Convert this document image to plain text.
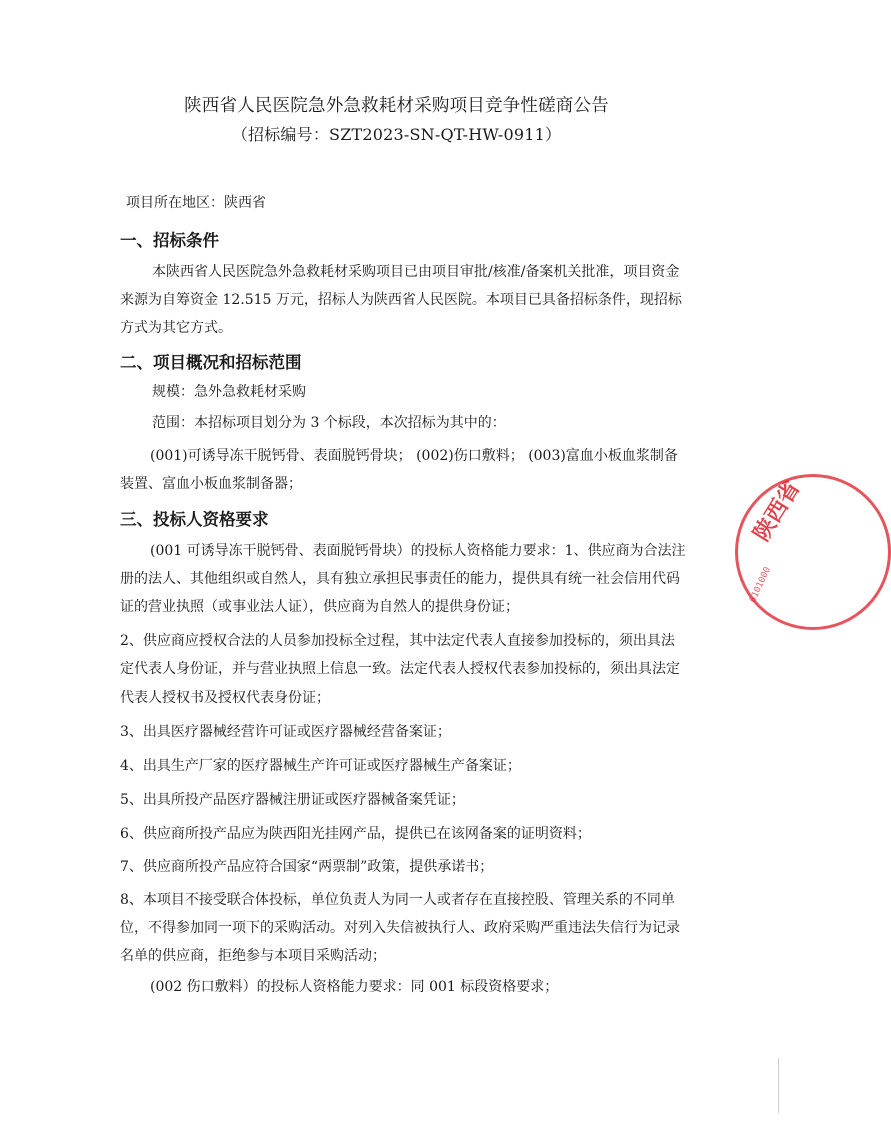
陕西省人民医院急外急救耗材采购项目竞争性磋商公告
（招标编号：SZT2023-SN-QT-HW-0911）
项目所在地区：陕西省
一、招标条件
本陕西省人民医院急外急救耗材采购项目已由项目审批/核准/备案机关批准，项目资金
来源为自筹资金 12.515 万元，招标人为陕西省人民医院。本项目已具备招标条件，现招标
方式为其它方式。
二、项目概况和招标范围
规模：急外急救耗材采购
范围：本招标项目划分为 3 个标段，本次招标为其中的：
(001)可诱导冻干脱钙骨、表面脱钙骨块； (002)伤口敷料； (003)富血小板血浆制备
装置、富血小板血浆制备器；
三、投标人资格要求
(001 可诱导冻干脱钙骨、表面脱钙骨块）的投标人资格能力要求：1、供应商为合法注
册的法人、其他组织或自然人，具有独立承担民事责任的能力，提供具有统一社会信用代码
证的营业执照（或事业法人证），供应商为自然人的提供身份证；
2、供应商应授权合法的人员参加投标全过程，其中法定代表人直接参加投标的，须出具法
定代表人身份证，并与营业执照上信息一致。法定代表人授权代表参加投标的，须出具法定
代表人授权书及授权代表身份证；
3、出具医疗器械经营许可证或医疗器械经营备案证；
4、出具生产厂家的医疗器械生产许可证或医疗器械生产备案证；
5、出具所投产品医疗器械注册证或医疗器械备案凭证；
6、供应商所投产品应为陕西阳光挂网产品，提供已在该网备案的证明资料；
7、供应商所投产品应符合国家“两票制”政策，提供承诺书；
8、本项目不接受联合体投标，单位负责人为同一人或者存在直接控股、管理关系的不同单
位，不得参加同一项下的采购活动。对列入失信被执行人、政府采购严重违法失信行为记录
名单的供应商，拒绝参与本项目采购活动；
(002 伤口敷料）的投标人资格能力要求：同 001 标段资格要求；
陕西省
6101000
